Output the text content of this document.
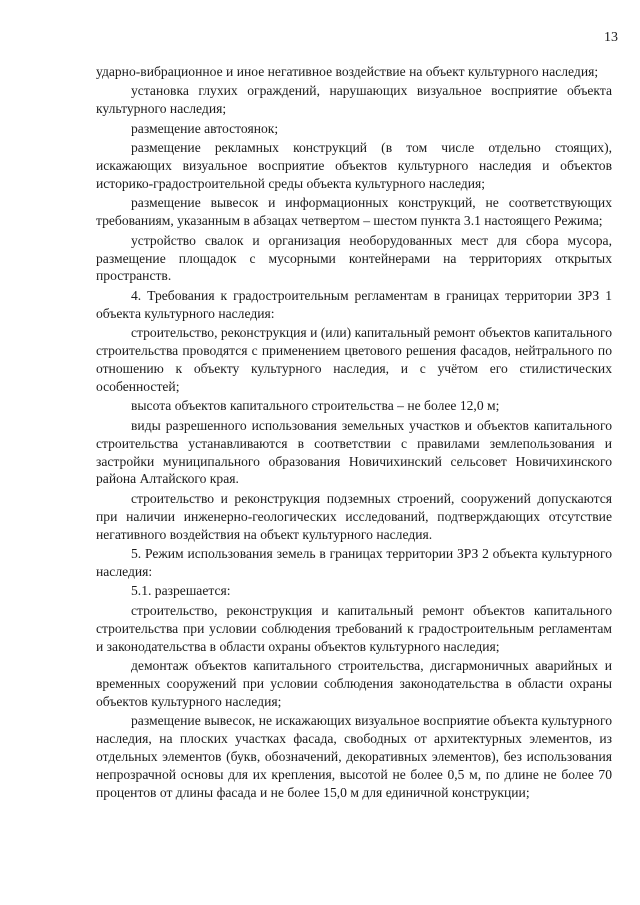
13

ударно-вибрационное и иное негативное воздействие на объект культурного наследия;

установка глухих ограждений, нарушающих визуальное восприятие объекта культурного наследия;

размещение автостоянок;

размещение рекламных конструкций (в том числе отдельно стоящих), искажающих визуальное восприятие объектов культурного наследия и объектов историко-градостроительной среды объекта культурного наследия;

размещение вывесок и информационных конструкций, не соответствующих требованиям, указанным в абзацах четвертом – шестом пункта 3.1 настоящего Режима;

устройство свалок и организация необорудованных мест для сбора мусора, размещение площадок с мусорными контейнерами на территориях открытых пространств.

4. Требования к градостроительным регламентам в границах территории ЗРЗ 1 объекта культурного наследия:

строительство, реконструкция и (или) капитальный ремонт объектов капитального строительства проводятся с применением цветового решения фасадов, нейтрального по отношению к объекту культурного наследия, и с учётом его стилистических особенностей;

высота объектов капитального строительства – не более 12,0 м;

виды разрешенного использования земельных участков и объектов капитального строительства устанавливаются в соответствии с правилами землепользования и застройки муниципального образования Новичихинский сельсовет Новичихинского района Алтайского края.

строительство и реконструкция подземных строений, сооружений допускаются при наличии инженерно-геологических исследований, подтверждающих отсутствие негативного воздействия на объект культурного наследия.

5. Режим использования земель в границах территории ЗРЗ 2 объекта культурного наследия:

5.1. разрешается:

строительство, реконструкция и капитальный ремонт объектов капитального строительства при условии соблюдения требований к градостроительным регламентам и законодательства в области охраны объектов культурного наследия;

демонтаж объектов капитального строительства, дисгармоничных аварийных и временных сооружений при условии соблюдения законодательства в области охраны объектов культурного наследия;

размещение вывесок, не искажающих визуальное восприятие объекта культурного наследия, на плоских участках фасада, свободных от архитектурных элементов, из отдельных элементов (букв, обозначений, декоративных элементов), без использования непрозрачной основы для их крепления, высотой не более 0,5 м, по длине не более 70 процентов от длины фасада и не более 15,0 м для единичной конструкции;
